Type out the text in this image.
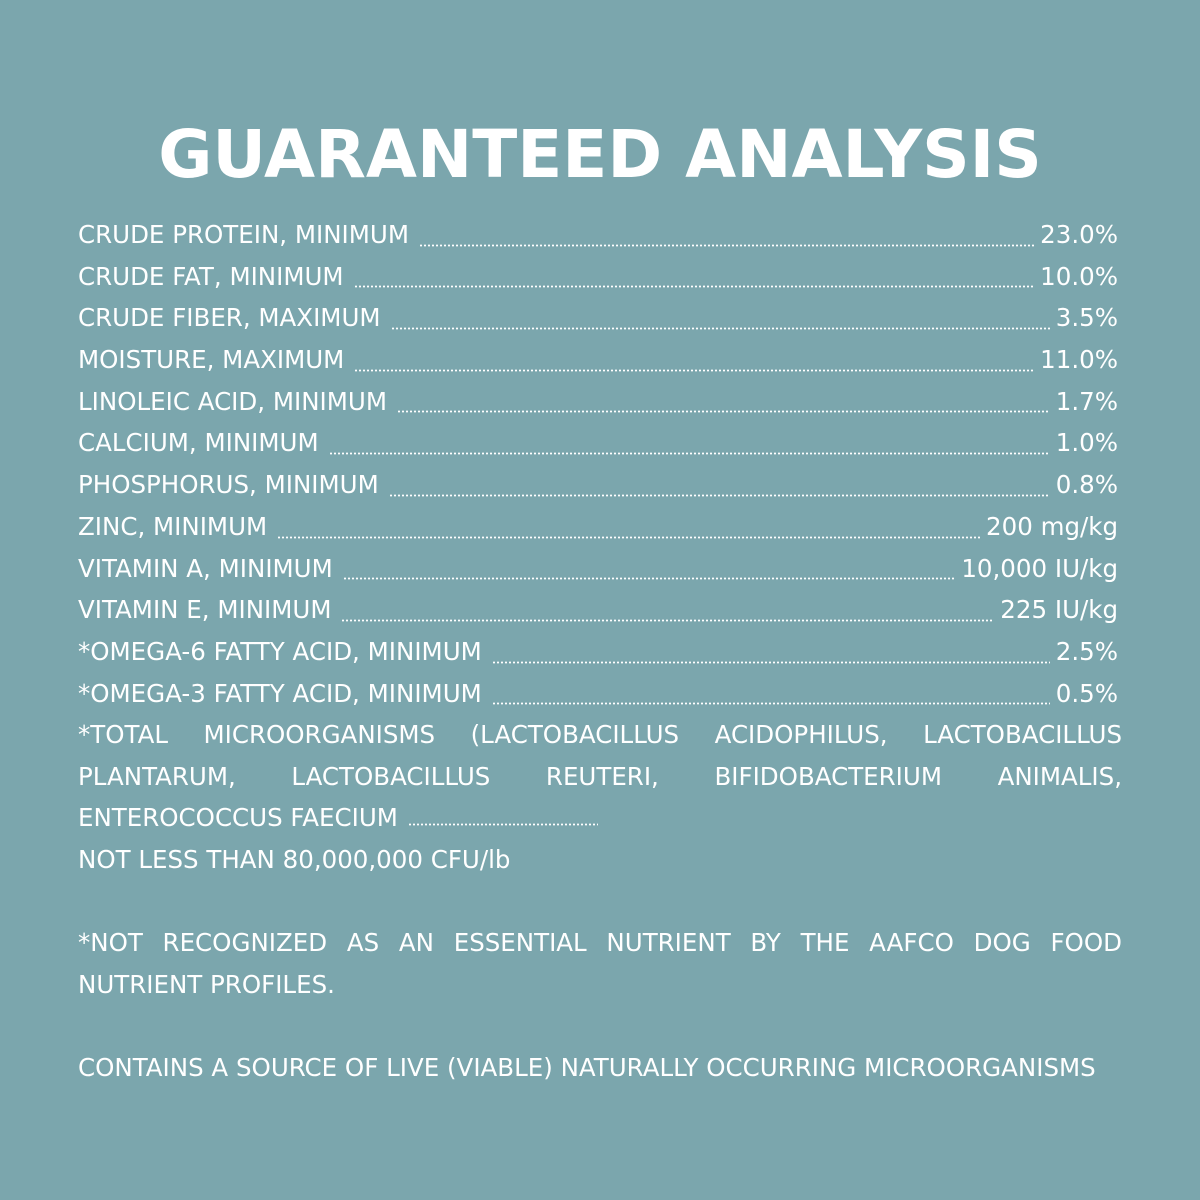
GUARANTEED ANALYSIS
CRUDE PROTEIN, MINIMUM	23.0%
CRUDE FAT, MINIMUM	10.0%
CRUDE FIBER, MAXIMUM	3.5%
MOISTURE, MAXIMUM	11.0%
LINOLEIC ACID, MINIMUM	1.7%
CALCIUM, MINIMUM	1.0%
PHOSPHORUS, MINIMUM	0.8%
ZINC, MINIMUM	200 mg/kg
VITAMIN A, MINIMUM	10,000 IU/kg
VITAMIN E, MINIMUM	225 IU/kg
*OMEGA-6 FATTY ACID, MINIMUM	2.5%
*OMEGA-3 FATTY ACID, MINIMUM	0.5%
*TOTAL MICROORGANISMS (LACTOBACILLUS ACIDOPHILUS, LACTOBACILLUS PLANTARUM, LACTOBACILLUS REUTERI, BIFIDOBACTERIUM ANIMALIS, ENTEROCOCCUS FAECIUM
NOT LESS THAN 80,000,000 CFU/lb
*NOT RECOGNIZED AS AN ESSENTIAL NUTRIENT BY THE AAFCO DOG FOOD NUTRIENT PROFILES.
CONTAINS A SOURCE OF LIVE (VIABLE) NATURALLY OCCURRING MICROORGANISMS
